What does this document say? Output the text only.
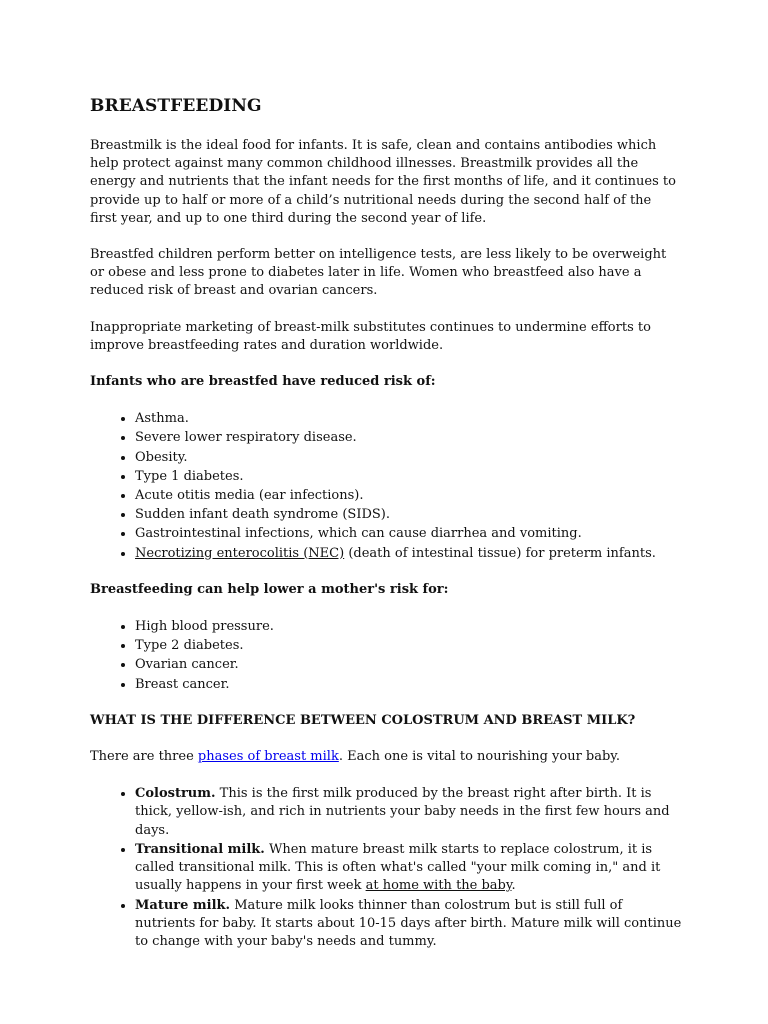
BREASTFEEDING

Breastmilk is the ideal food for infants. It is safe, clean and contains antibodies which help protect against many common childhood illnesses. Breastmilk provides all the energy and nutrients that the infant needs for the first months of life, and it continues to provide up to half or more of a child’s nutritional needs during the second half of the first year, and up to one third during the second year of life.

Breastfed children perform better on intelligence tests, are less likely to be overweight or obese and less prone to diabetes later in life. Women who breastfeed also have a reduced risk of breast and ovarian cancers.

Inappropriate marketing of breast-milk substitutes continues to undermine efforts to improve breastfeeding rates and duration worldwide.

Infants who are breastfed have reduced risk of:
• Asthma.
• Severe lower respiratory disease.
• Obesity.
• Type 1 diabetes.
• Acute otitis media (ear infections).
• Sudden infant death syndrome (SIDS).
• Gastrointestinal infections, which can cause diarrhea and vomiting.
• Necrotizing enterocolitis (NEC) (death of intestinal tissue) for preterm infants.
Breastfeeding can help lower a mother's risk for:
• High blood pressure.
• Type 2 diabetes.
• Ovarian cancer.
• Breast cancer.
WHAT IS THE DIFFERENCE BETWEEN COLOSTRUM AND BREAST MILK?

There are three phases of breast milk. Each one is vital to nourishing your baby.

• Colostrum. This is the first milk produced by the breast right after birth. It is thick, yellow-ish, and rich in nutrients your baby needs in the first few hours and days.
• Transitional milk. When mature breast milk starts to replace colostrum, it is called transitional milk. This is often what's called "your milk coming in," and it usually happens in your first week at home with the baby.
• Mature milk. Mature milk looks thinner than colostrum but is still full of nutrients for baby. It starts about 10-15 days after birth. Mature milk will continue to change with your baby's needs and tummy.
